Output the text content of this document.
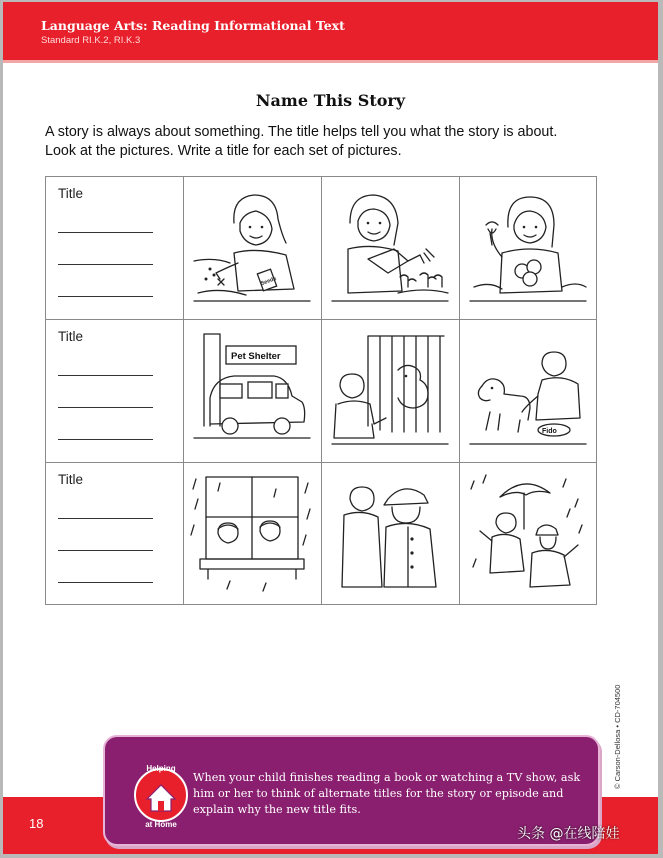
Language Arts: Reading Informational Text
Standard RI.K.2, RI.K.3
Name This Story
A story is always about something. The title helps tell you what the story is about.
Look at the pictures. Write a title for each set of pictures.
Title
Seeds
Title
Pet Shelter
Fido
Title
© Carson-Dellosa • CD-704500
18
Helping
at Home
When your child finishes reading a book or watching a TV show, ask him or her to think of alternate titles for the story or episode and explain why the new title fits.
头条 @在线陪娃
